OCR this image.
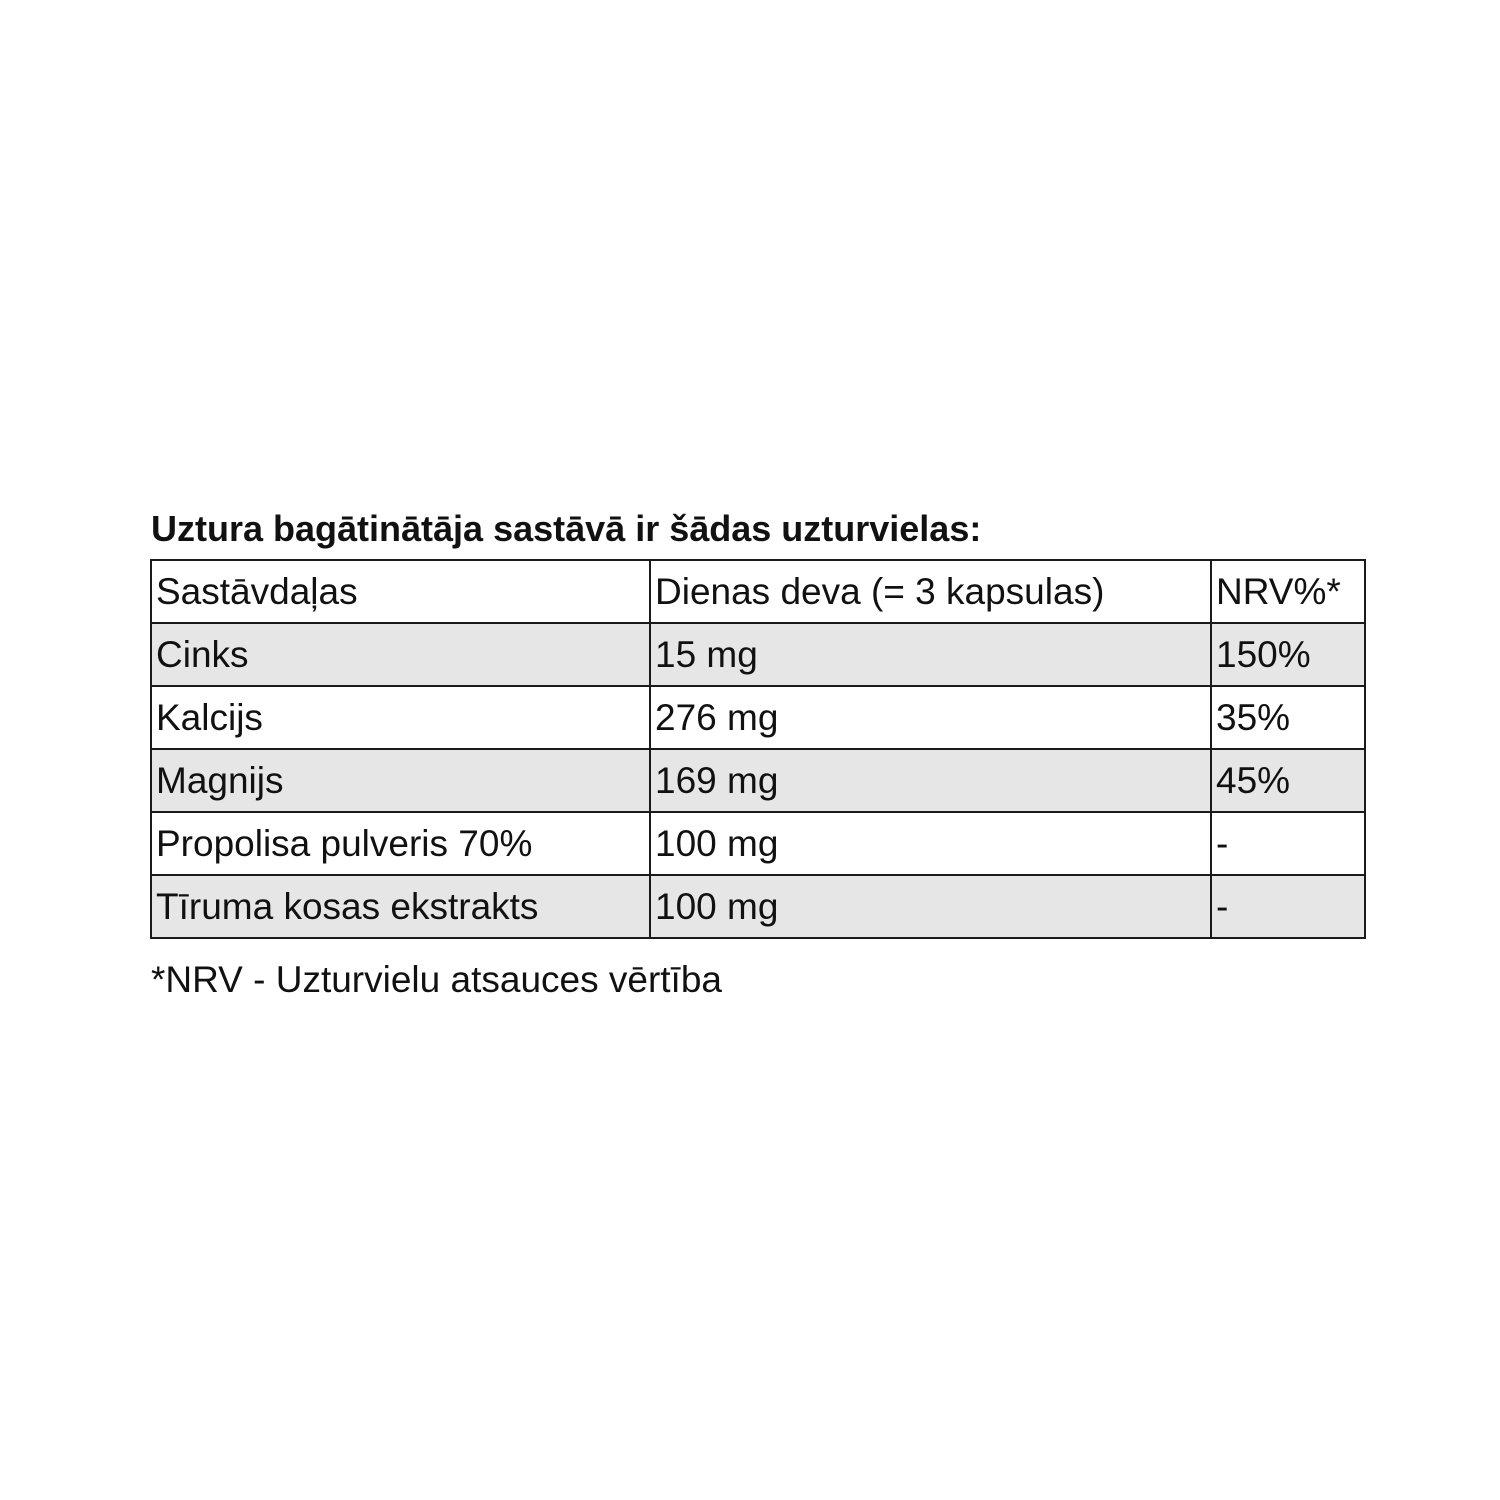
Uztura bagātinātāja sastāvā ir šādas uzturvielas:
Sastāvdaļas	Dienas deva (= 3 kapsulas)	NRV%*
Cinks	15 mg	150%
Kalcijs	276 mg	35%
Magnijs	169 mg	45%
Propolisa pulveris 70%	100 mg	-
Tīruma kosas ekstrakts	100 mg	-
*NRV - Uzturvielu atsauces vērtība
